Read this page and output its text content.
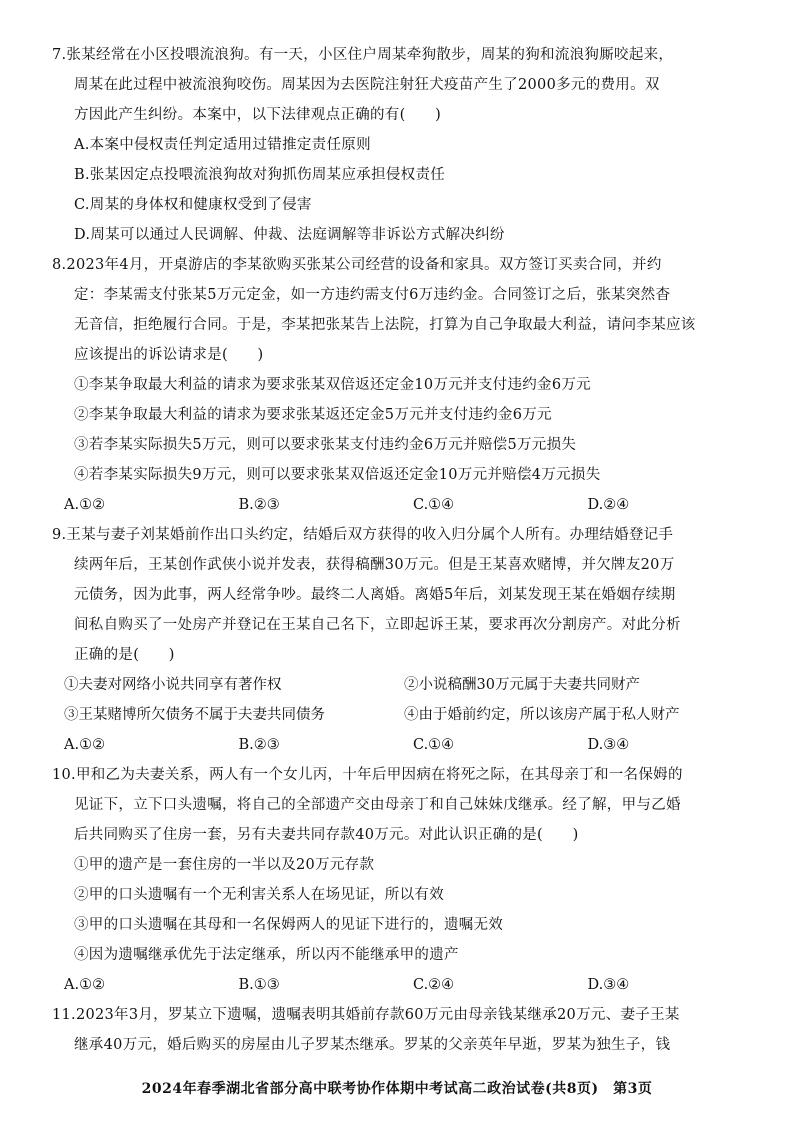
7.张某经常在小区投喂流浪狗。有一天，小区住户周某牵狗散步，周某的狗和流浪狗厮咬起来，
周某在此过程中被流浪狗咬伤。周某因为去医院注射狂犬疫苗产生了2000多元的费用。双
方因此产生纠纷。本案中，以下法律观点正确的有(　　)
A.本案中侵权责任判定适用过错推定责任原则
B.张某因定点投喂流浪狗故对狗抓伤周某应承担侵权责任
C.周某的身体权和健康权受到了侵害
D.周某可以通过人民调解、仲裁、法庭调解等非诉讼方式解决纠纷
8.2023年4月，开桌游店的李某欲购买张某公司经营的设备和家具。双方签订买卖合同，并约
定：李某需支付张某5万元定金，如一方违约需支付6万违约金。合同签订之后，张某突然杳
无音信，拒绝履行合同。于是，李某把张某告上法院，打算为自己争取最大利益，请问李某应该
应该提出的诉讼请求是(　　)
①李某争取最大利益的请求为要求张某双倍返还定金10万元并支付违约金6万元
②李某争取最大利益的请求为要求张某返还定金5万元并支付违约金6万元
③若李某实际损失5万元，则可以要求张某支付违约金6万元并赔偿5万元损失
④若李某实际损失9万元，则可以要求张某双倍返还定金10万元并赔偿4万元损失
A.①②	B.②③	C.①④	D.②④
9.王某与妻子刘某婚前作出口头约定，结婚后双方获得的收入归分属个人所有。办理结婚登记手
续两年后，王某创作武侠小说并发表，获得稿酬30万元。但是王某喜欢赌博，并欠牌友20万
元债务，因为此事，两人经常争吵。最终二人离婚。离婚5年后，刘某发现王某在婚姻存续期
间私自购买了一处房产并登记在王某自己名下，立即起诉王某，要求再次分割房产。对此分析
正确的是(　　)
①夫妻对网络小说共同享有著作权	②小说稿酬30万元属于夫妻共同财产
③王某赌博所欠债务不属于夫妻共同债务	④由于婚前约定，所以该房产属于私人财产
A.①②	B.②③	C.①④	D.③④
10.甲和乙为夫妻关系，两人有一个女儿丙，十年后甲因病在将死之际，在其母亲丁和一名保姆的
见证下，立下口头遗嘱，将自己的全部遗产交由母亲丁和自己妹妹戊继承。经了解，甲与乙婚
后共同购买了住房一套，另有夫妻共同存款40万元。对此认识正确的是(　　)
①甲的遗产是一套住房的一半以及20万元存款
②甲的口头遗嘱有一个无利害关系人在场见证，所以有效
③甲的口头遗嘱在其母和一名保姆两人的见证下进行的，遗嘱无效
④因为遗嘱继承优先于法定继承，所以丙不能继承甲的遗产
A.①②	B.①③	C.②④	D.③④
11.2023年3月，罗某立下遗嘱，遗嘱表明其婚前存款60万元由母亲钱某继承20万元、妻子王某
继承40万元，婚后购买的房屋由儿子罗某杰继承。罗某的父亲英年早逝，罗某为独生子，钱
2024年春季湖北省部分高中联考协作体期中考试高二政治试卷(共8页)　第3页
